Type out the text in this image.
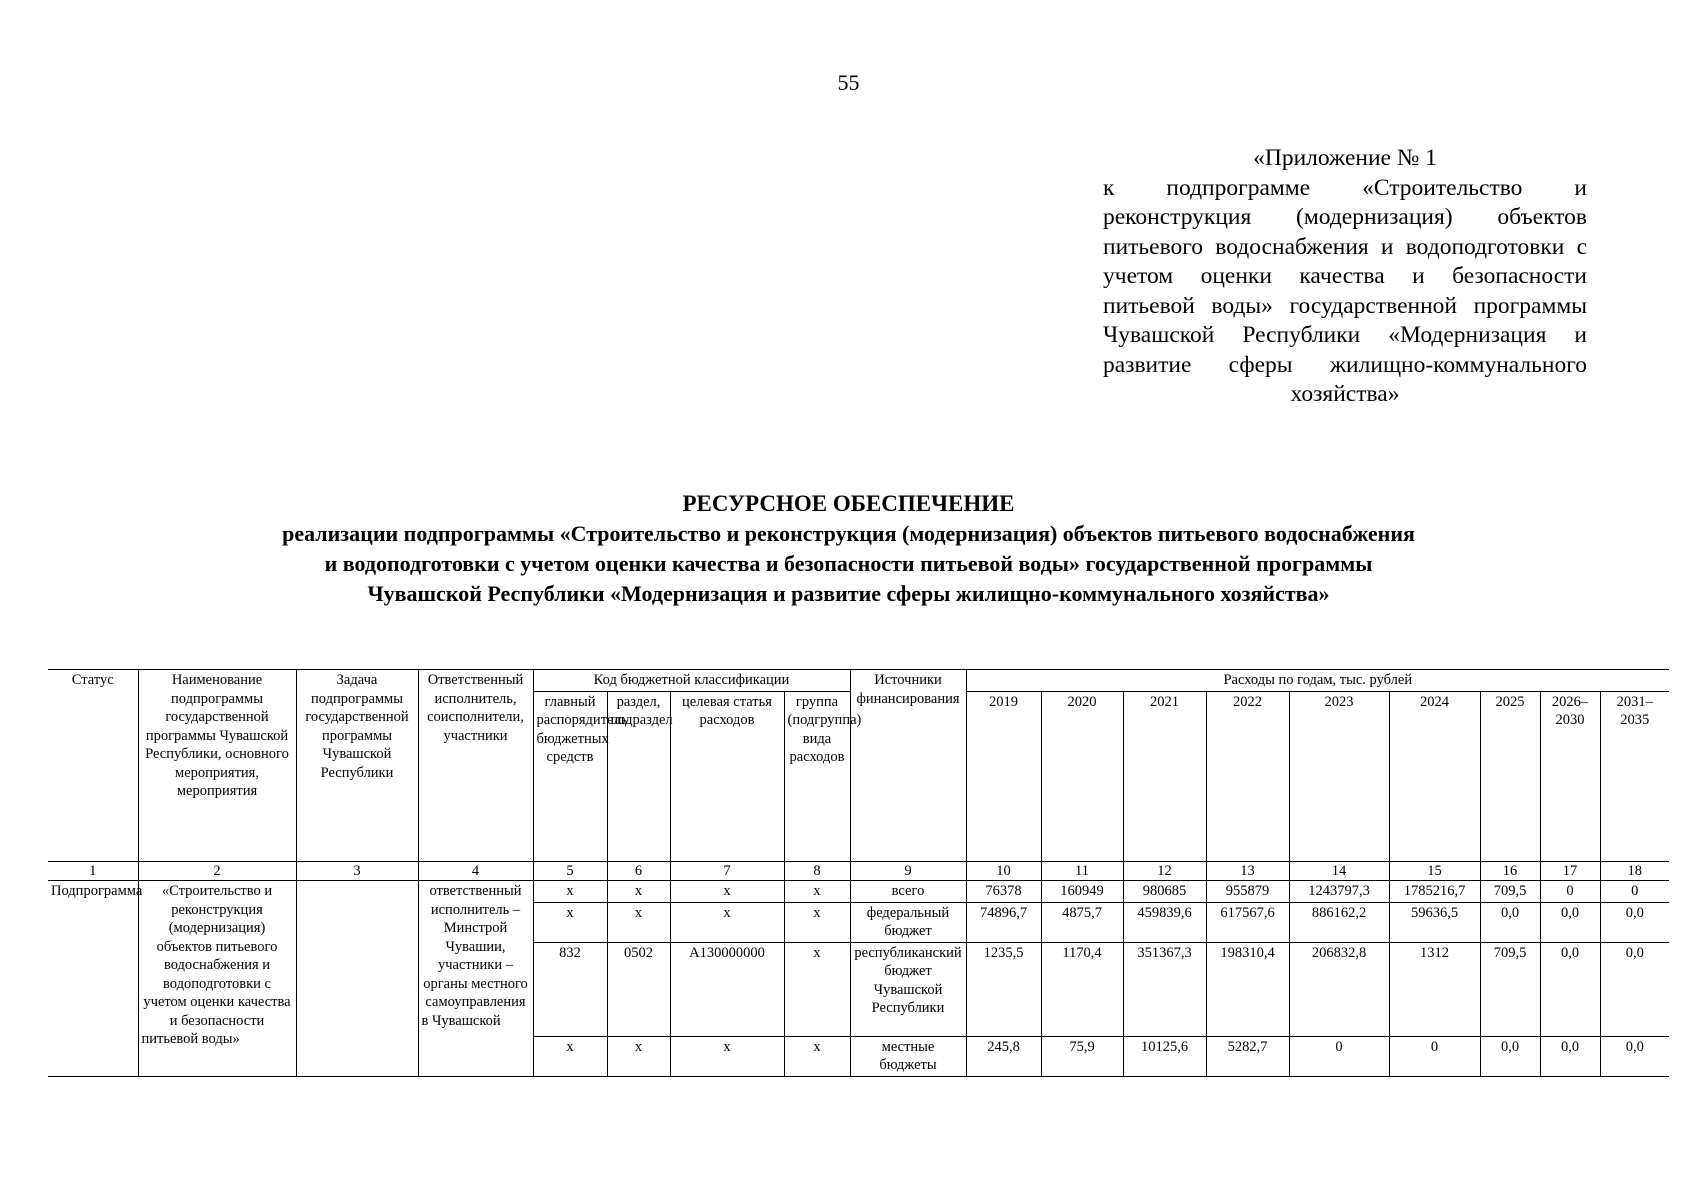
55
«Приложение № 1
к подпрограмме «Строительство и реконструкция (модернизация) объектов питьевого водоснабжения и водоподготовки с учетом оценки качества и безопасности питьевой воды» государственной программы Чувашской Республики «Модернизация и развитие сферы жилищно-коммунального хозяйства»
РЕСУРСНОЕ ОБЕСПЕЧЕНИЕ
реализации подпрограммы «Строительство и реконструкция (модернизация) объектов питьевого водоснабжения
и водоподготовки с учетом оценки качества и безопасности питьевой воды» государственной программы
Чувашской Республики «Модернизация и развитие сферы жилищно-коммунального хозяйства»
Статус	Наименование подпрограммы государственной программы Чувашской Республики, основного мероприятия, мероприятия	Задача подпрограммы государственной программы Чувашской Республики	Ответственный исполнитель, соисполнители, участники	Код бюджетной классификации				Источники финансирования	Расходы по годам, тыс. рублей								
				главный распорядитель бюджетных средств	раздел, подраздел	целевая статья расходов	группа (подгруппа) вида расходов		2019	2020	2021	2022	2023	2024	2025	2026–2030	2031–2035
1	2	3	4	5	6	7	8	9	10	11	12	13	14	15	16	17	18
Подпрограмма	«Строительство и реконструкция (модернизация) объектов питьевого водоснабжения и водоподготовки с учетом оценки качества и безопасности питьевой воды»		ответственный исполнитель – Минстрой Чувашии, участники – органы местного самоуправления в Чувашской	x	x	x	x	всего	76378	160949	980685	955879	1243797,3	1785216,7	709,5	0	0
				x	x	x	x	федеральный бюджет	74896,7	4875,7	459839,6	617567,6	886162,2	59636,5	0,0	0,0	0,0
				832	0502	A130000000	x	республиканский бюджет Чувашской Республики	1235,5	1170,4	351367,3	198310,4	206832,8	1312	709,5	0,0	0,0
				x	x	x	x	местные бюджеты	245,8	75,9	10125,6	5282,7	0	0	0,0	0,0	0,0
